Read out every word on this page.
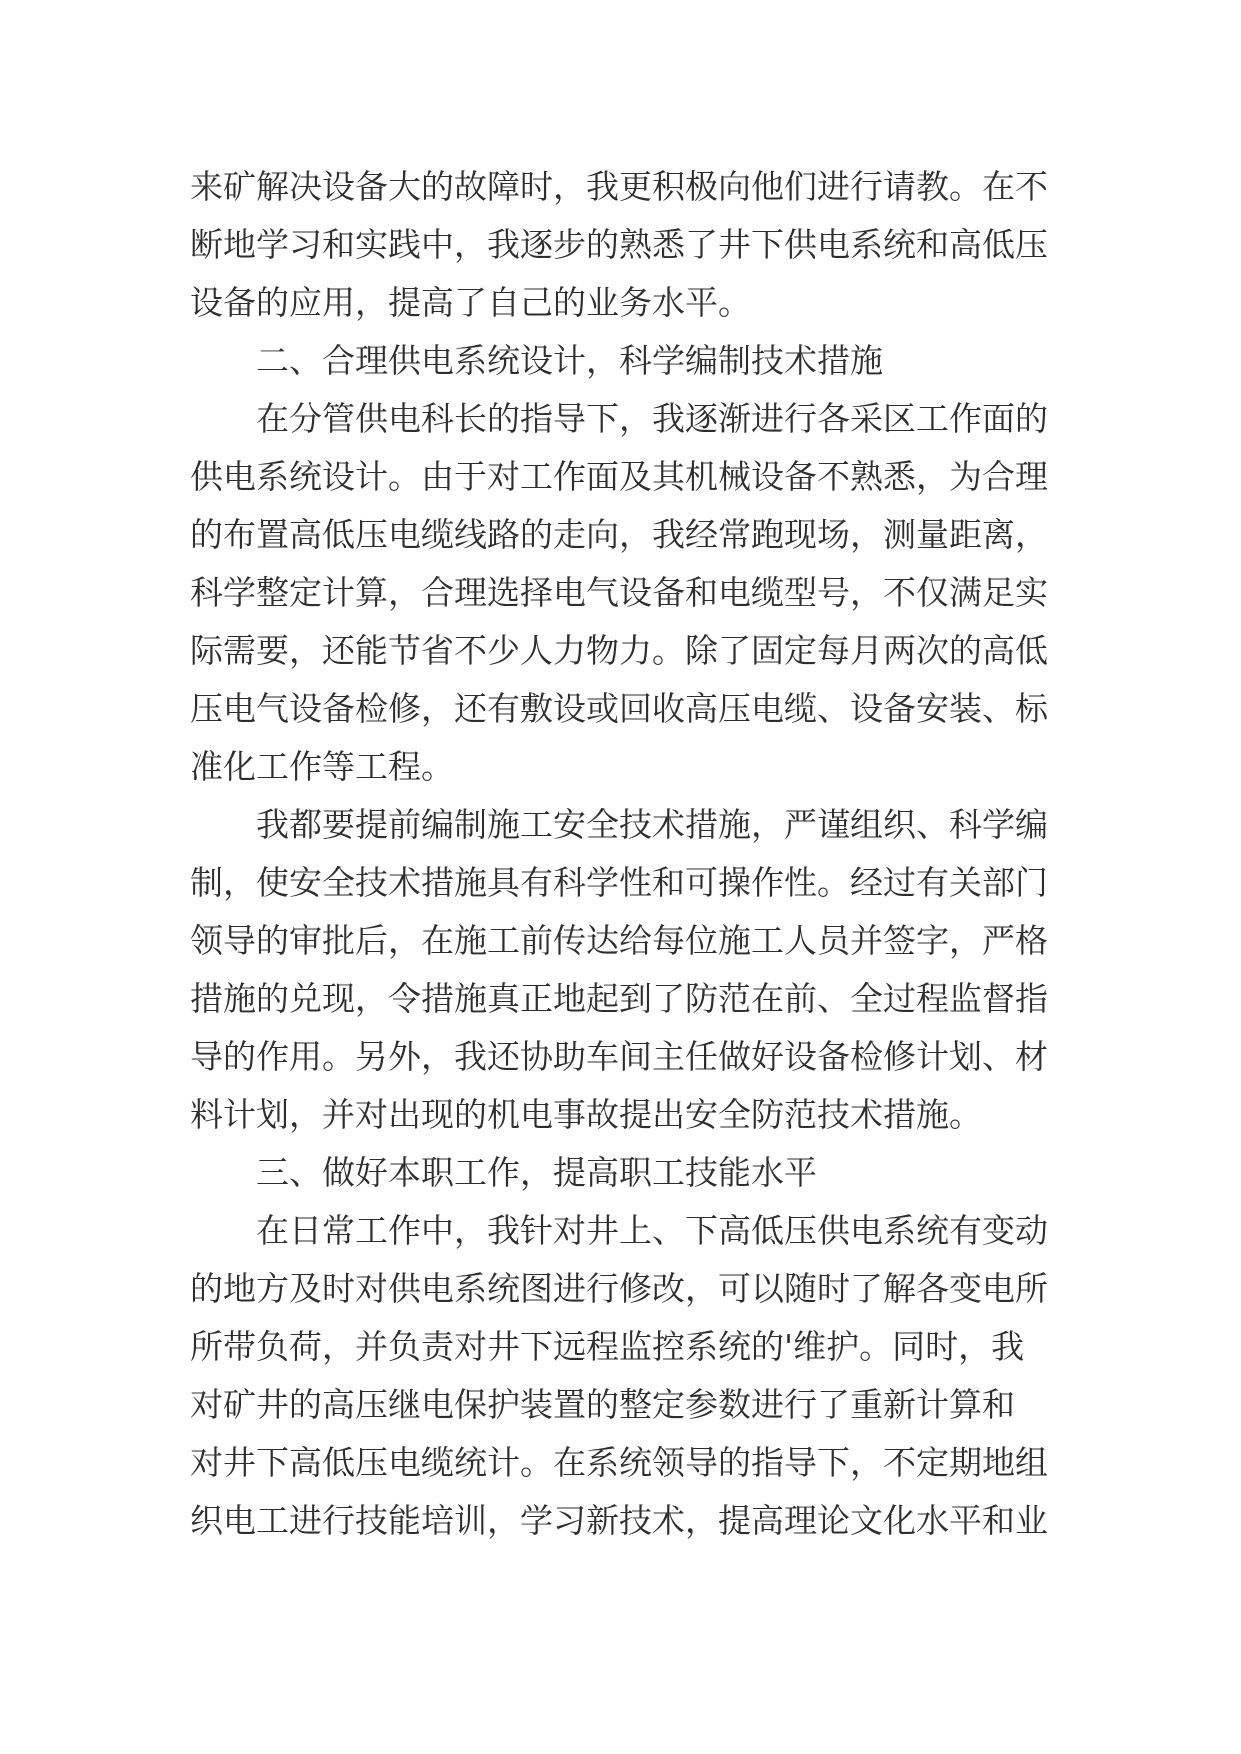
来矿解决设备大的故障时，我更积极向他们进行请教。在不
断地学习和实践中，我逐步的熟悉了井下供电系统和高低压
设备的应用，提高了自己的业务水平。
二、合理供电系统设计，科学编制技术措施
在分管供电科长的指导下，我逐渐进行各采区工作面的
供电系统设计。由于对工作面及其机械设备不熟悉，为合理
的布置高低压电缆线路的走向，我经常跑现场，测量距离，
科学整定计算，合理选择电气设备和电缆型号，不仅满足实
际需要，还能节省不少人力物力。除了固定每月两次的高低
压电气设备检修，还有敷设或回收高压电缆、设备安装、标
准化工作等工程。
我都要提前编制施工安全技术措施，严谨组织、科学编
制，使安全技术措施具有科学性和可操作性。经过有关部门
领导的审批后，在施工前传达给每位施工人员并签字，严格
措施的兑现，令措施真正地起到了防范在前、全过程监督指
导的作用。另外，我还协助车间主任做好设备检修计划、材
料计划，并对出现的机电事故提出安全防范技术措施。
三、做好本职工作，提高职工技能水平
在日常工作中，我针对井上、下高低压供电系统有变动
的地方及时对供电系统图进行修改，可以随时了解各变电所
所带负荷，并负责对井下远程监控系统的'维护。同时，我
对矿井的高压继电保护装置的整定参数进行了重新计算和
对井下高低压电缆统计。在系统领导的指导下，不定期地组
织电工进行技能培训，学习新技术，提高理论文化水平和业
